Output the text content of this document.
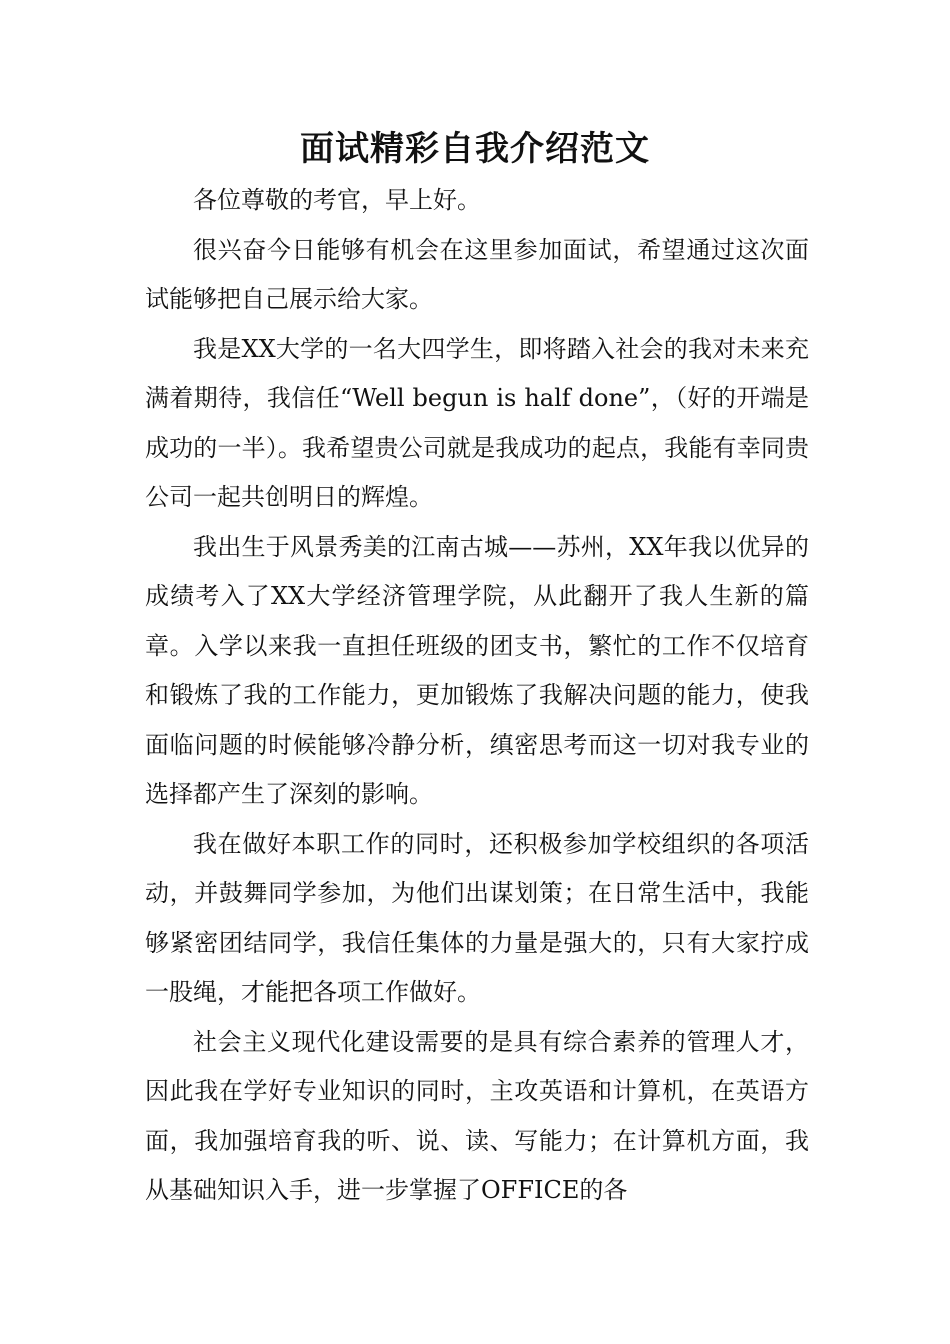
面试精彩自我介绍范文

各位尊敬的考官，早上好。

很兴奋今日能够有机会在这里参加面试，希望通过这次面试能够把自己展示给大家。

我是XX大学的一名大四学生，即将踏入社会的我对未来充满着期待，我信任“Well begun is half done”，（好的开端是成功的一半）。我希望贵公司就是我成功的起点，我能有幸同贵公司一起共创明日的辉煌。

我出生于风景秀美的江南古城——苏州，XX年我以优异的成绩考入了XX大学经济管理学院，从此翻开了我人生新的篇章。入学以来我一直担任班级的团支书，繁忙的工作不仅培育和锻炼了我的工作能力，更加锻炼了我解决问题的能力，使我面临问题的时候能够冷静分析，缜密思考而这一切对我专业的选择都产生了深刻的影响。

我在做好本职工作的同时，还积极参加学校组织的各项活动，并鼓舞同学参加，为他们出谋划策；在日常生活中，我能够紧密团结同学，我信任集体的力量是强大的，只有大家拧成一股绳，才能把各项工作做好。

社会主义现代化建设需要的是具有综合素养的管理人才，因此我在学好专业知识的同时，主攻英语和计算机，在英语方面，我加强培育我的听、说、读、写能力；在计算机方面，我从基础知识入手，进一步掌握了OFFICE的各
